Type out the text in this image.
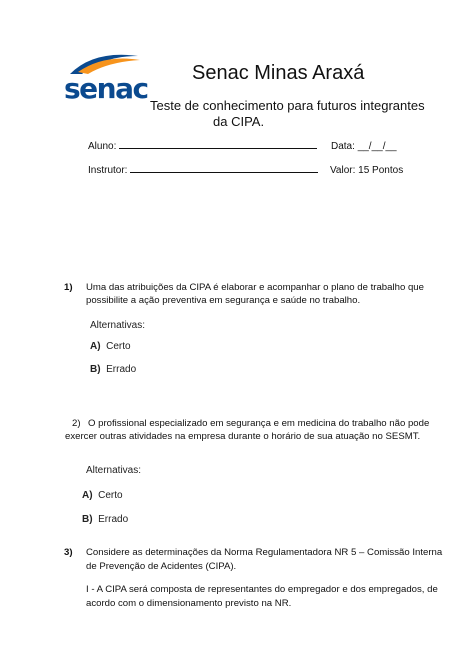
senac Senac Minas Araxá
Teste de conhecimento para futuros integrantes
da CIPA.
Aluno:	Data: __/__/__
Instrutor:	Valor: 15 Pontos
1) Uma das atribuições da CIPA é elaborar e acompanhar o plano de trabalho que
possibilite a ação preventiva em segurança e saúde no trabalho.
Alternativas:
A) Certo
B) Errado
2) O profissional especializado em segurança e em medicina do trabalho não pode
exercer outras atividades na empresa durante o horário de sua atuação no SESMT.
Alternativas:
A) Certo
B) Errado
3) Considere as determinações da Norma Regulamentadora NR 5 – Comissão Interna
de Prevenção de Acidentes (CIPA).
I - A CIPA será composta de representantes do empregador e dos empregados, de
acordo com o dimensionamento previsto na NR.
